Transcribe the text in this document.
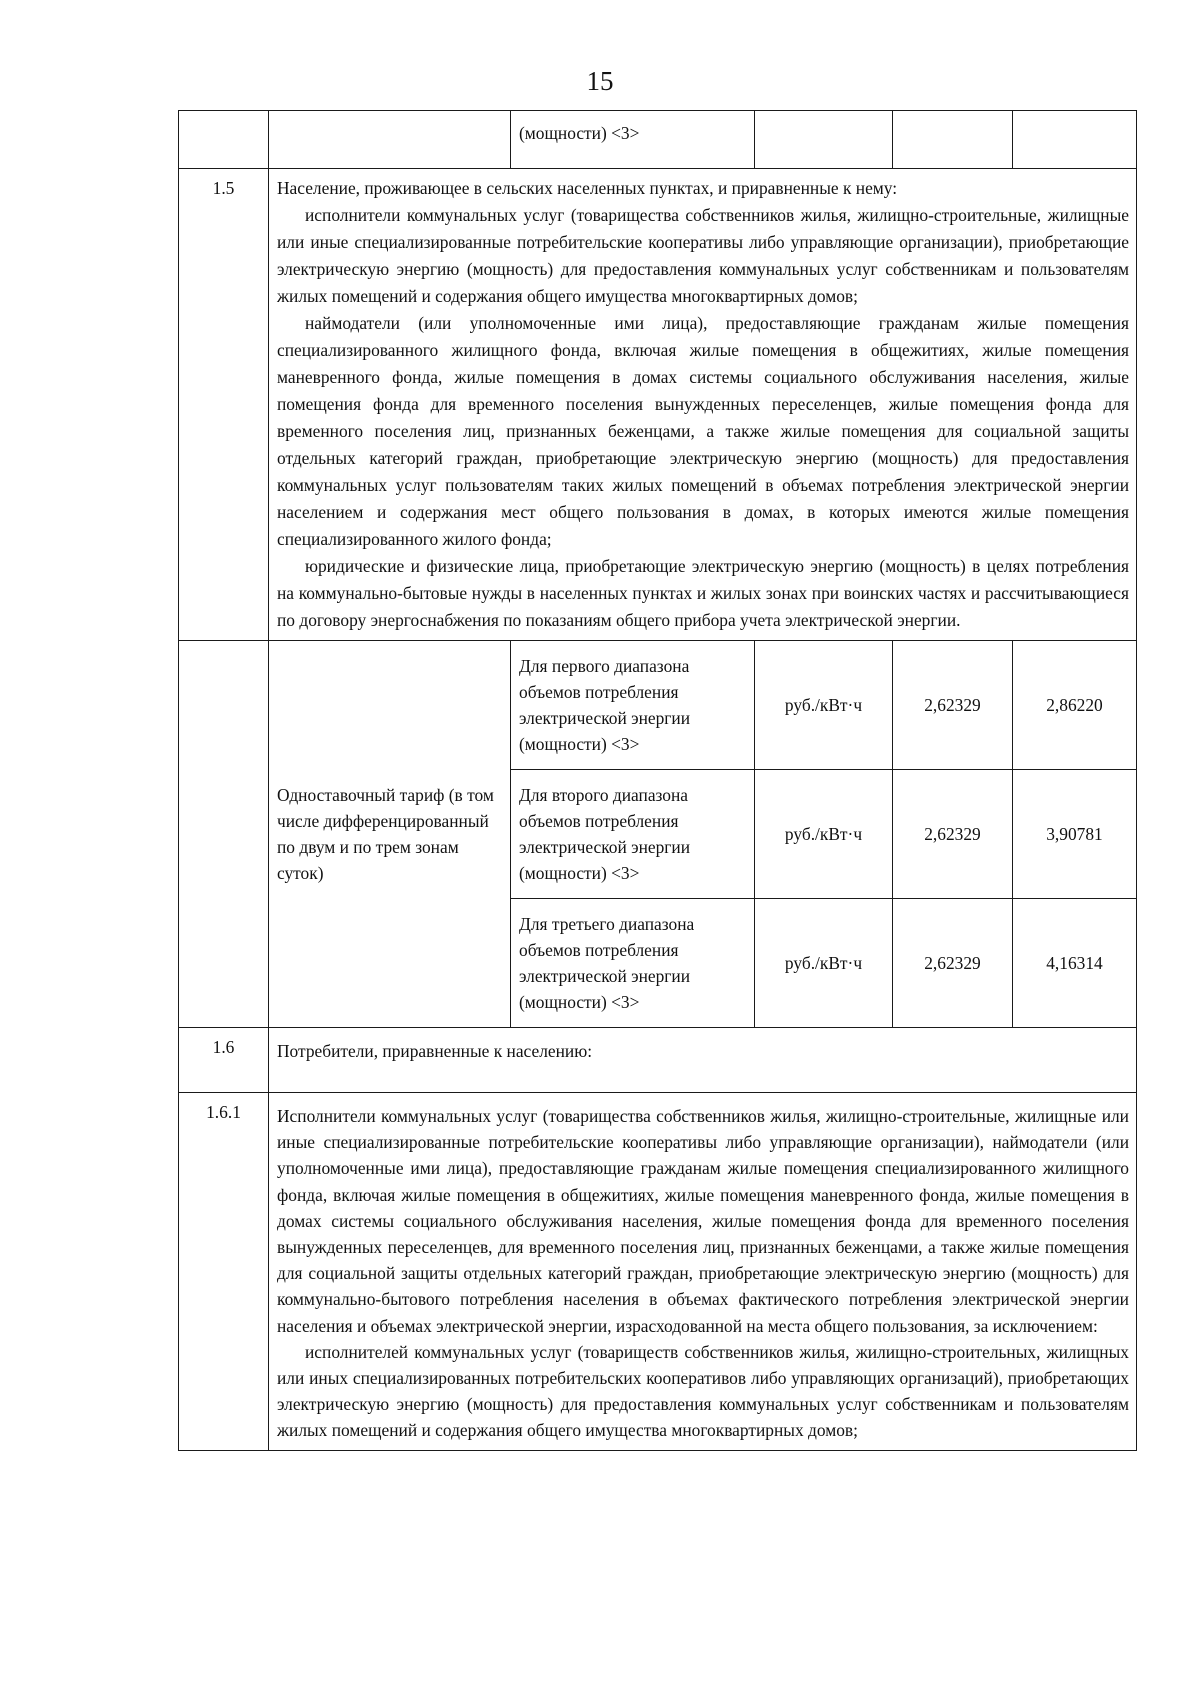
15
		(мощности) <3>			
1.5	Население, проживающее в сельских населенных пунктах, и приравненные к нему:

исполнители коммунальных услуг (товарищества собственников жилья, жилищно-строительные, жилищные или иные специализированные потребительские кооперативы либо управляющие организации), приобретающие электрическую энергию (мощность) для предоставления коммунальных услуг собственникам и пользователям жилых помещений и содержания общего имущества многоквартирных домов;

наймодатели (или уполномоченные ими лица), предоставляющие гражданам жилые помещения специализированного жилищного фонда, включая жилые помещения в общежитиях, жилые помещения маневренного фонда, жилые помещения в домах системы социального обслуживания населения, жилые помещения фонда для временного поселения вынужденных переселенцев, жилые помещения фонда для временного поселения лиц, признанных беженцами, а также жилые помещения для социальной защиты отдельных категорий граждан, приобретающие электрическую энергию (мощность) для предоставления коммунальных услуг пользователям таких жилых помещений в объемах потребления электрической энергии населением и содержания мест общего пользования в домах, в которых имеются жилые помещения специализированного жилого фонда;

юридические и физические лица, приобретающие электрическую энергию (мощность) в целях потребления на коммунально-бытовые нужды в населенных пунктах и жилых зонах при воинских частях и рассчитывающиеся по договору энергоснабжения по показаниям общего прибора учета электрической энергии.				

	Одноставочный тариф (в том числе дифференцированный по двум и по трем зонам суток)	Для первого диапазона объемов потребления электрической энергии (мощности) <3>	руб./кВт·ч	2,62329	2,86220
		Для второго диапазона объемов потребления электрической энергии (мощности) <3>	руб./кВт·ч	2,62329	3,90781
		Для третьего диапазона объемов потребления электрической энергии (мощности) <3>	руб./кВт·ч	2,62329	4,16314
1.6	Потребители, приравненные к населению:				
1.6.1	Исполнители коммунальных услуг (товарищества собственников жилья, жилищно-строительные, жилищные или иные специализированные потребительские кооперативы либо управляющие организации), наймодатели (или уполномоченные ими лица), предоставляющие гражданам жилые помещения специализированного жилищного фонда, включая жилые помещения в общежитиях, жилые помещения маневренного фонда, жилые помещения в домах системы социального обслуживания населения, жилые помещения фонда для временного поселения вынужденных переселенцев, для временного поселения лиц, признанных беженцами, а также жилые помещения для социальной защиты отдельных категорий граждан, приобретающие электрическую энергию (мощность) для коммунально-бытового потребления населения в объемах фактического потребления электрической энергии населения и объемах электрической энергии, израсходованной на места общего пользования, за исключением:

исполнителей коммунальных услуг (товариществ собственников жилья, жилищно-строительных, жилищных или иных специализированных потребительских кооперативов либо управляющих организаций), приобретающих электрическую энергию (мощность) для предоставления коммунальных услуг собственникам и пользователям жилых помещений и содержания общего имущества многоквартирных домов;				
